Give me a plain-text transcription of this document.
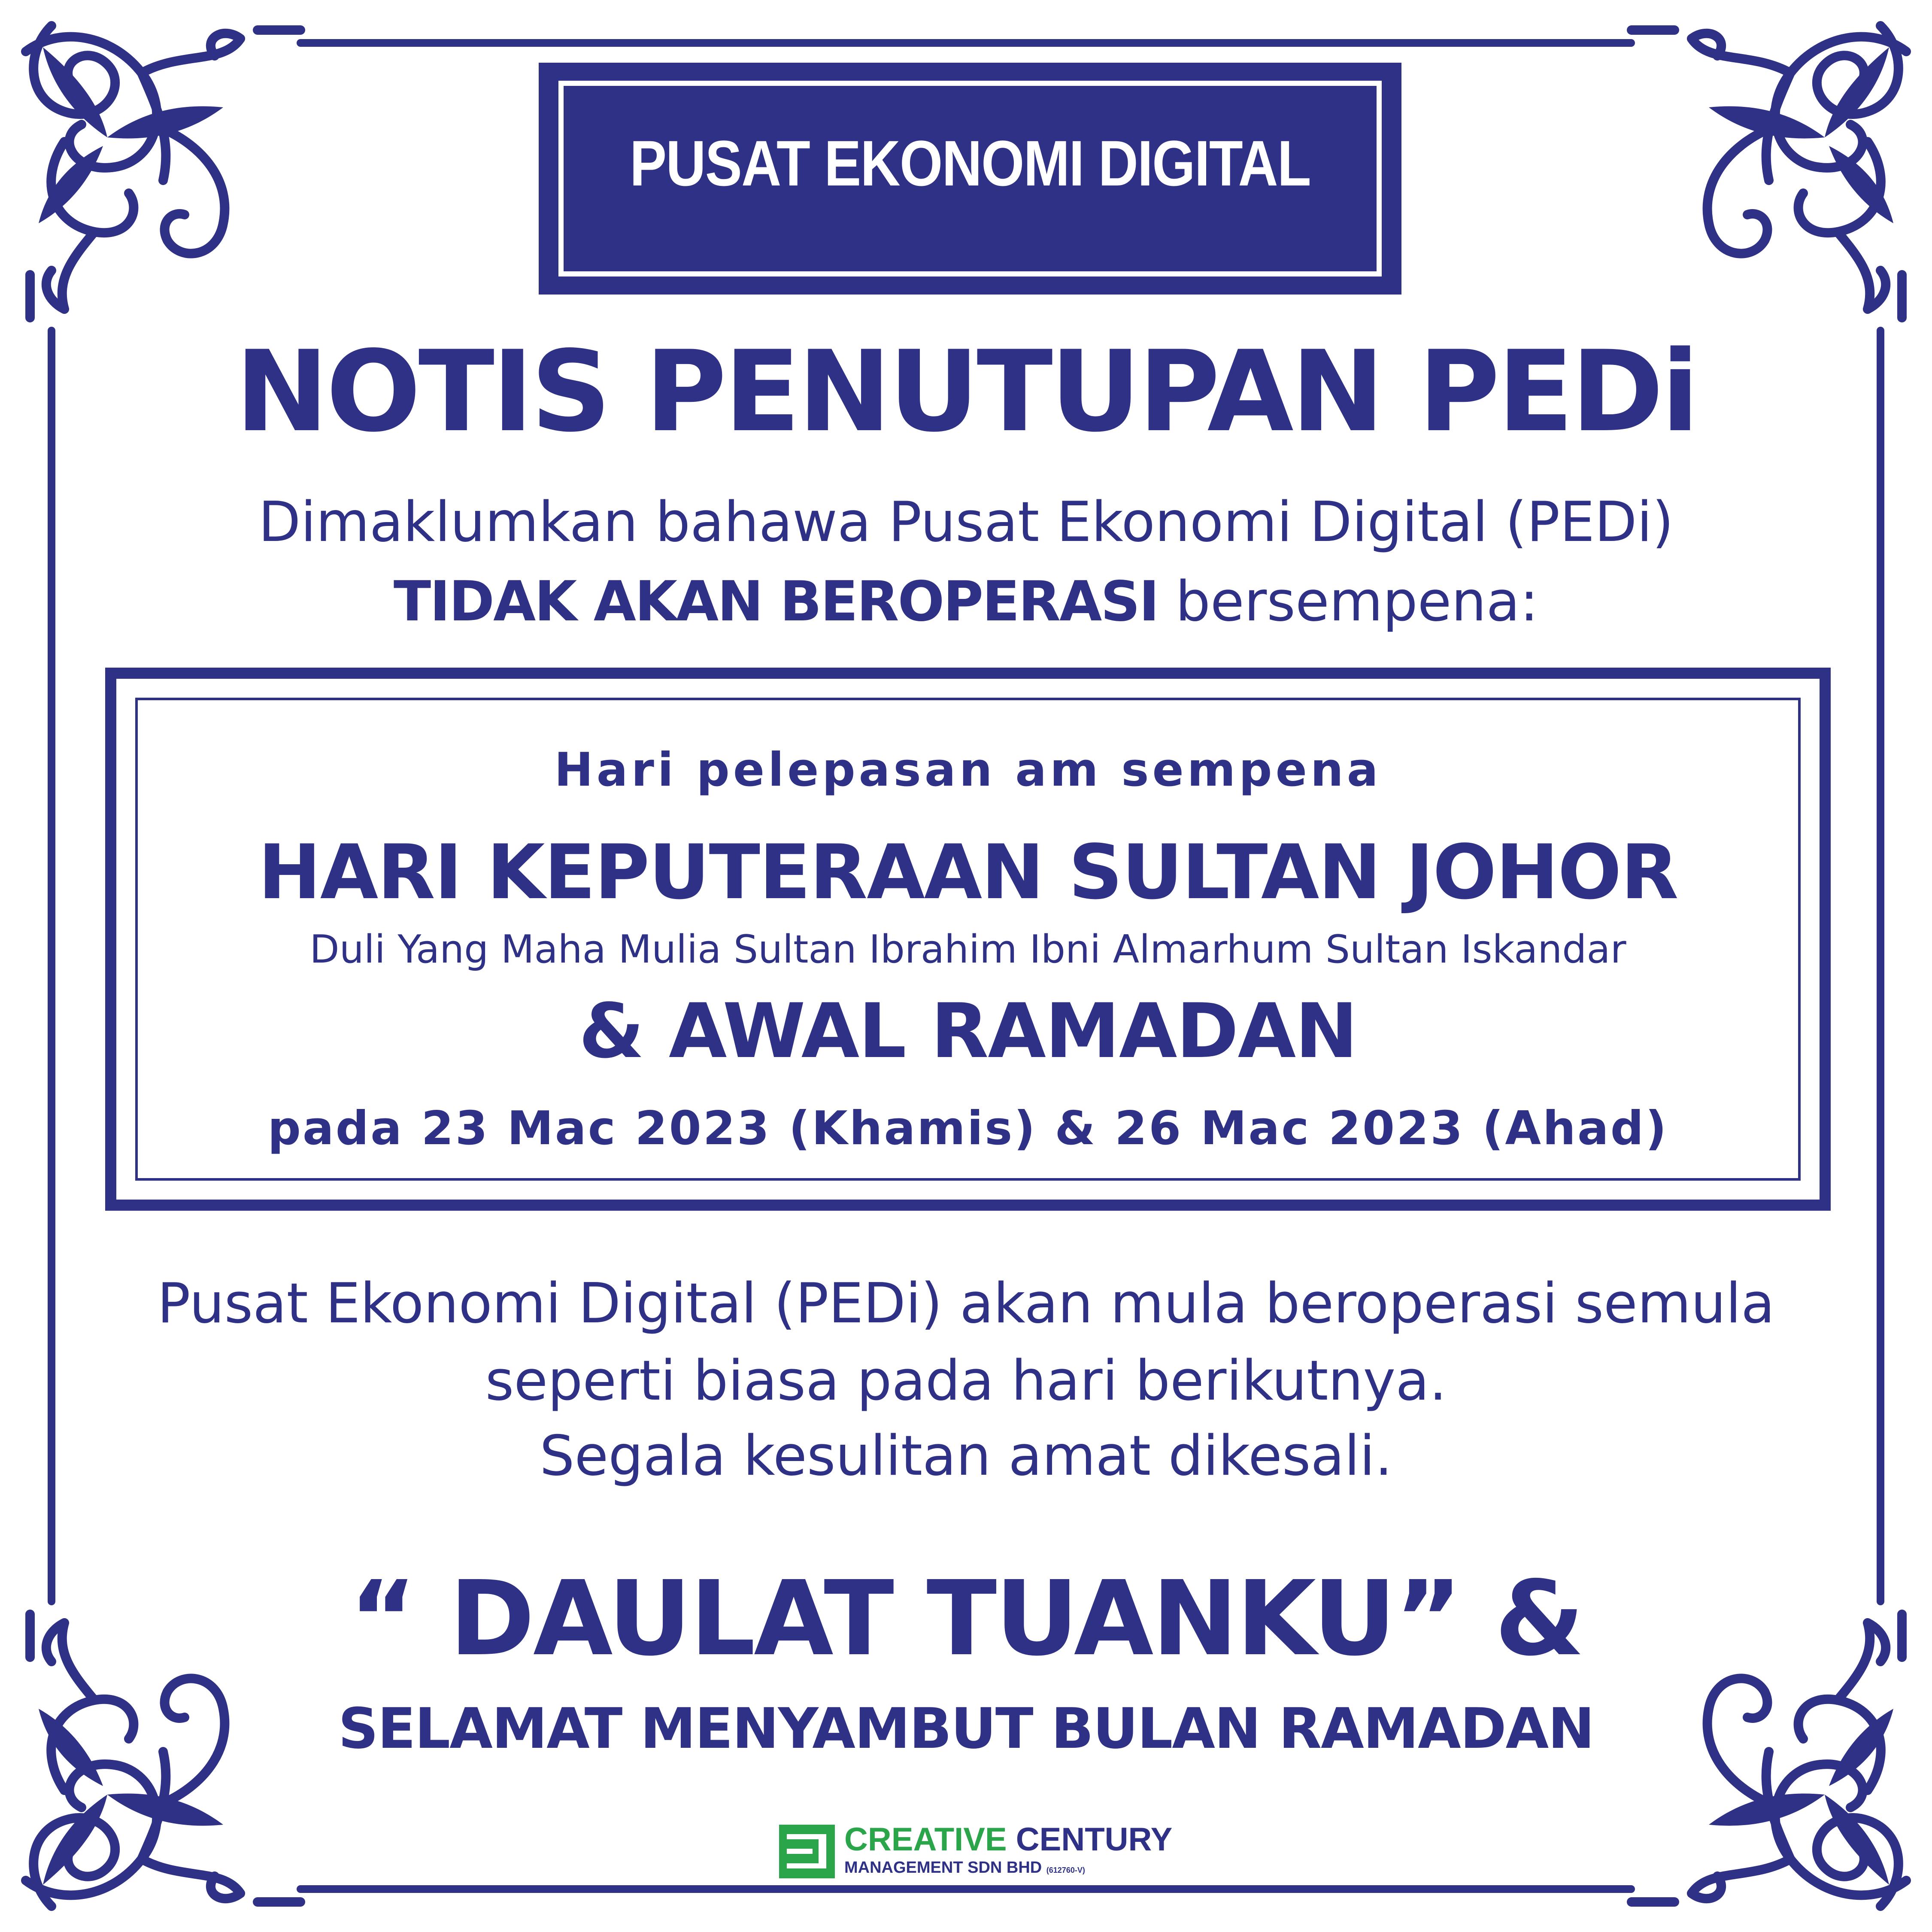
PUSAT EKONOMI DIGITAL
NOTIS PENUTUPAN PEDi
Dimaklumkan bahawa Pusat Ekonomi Digital (PEDi)
TIDAK AKAN BEROPERASI bersempena:
Hari pelepasan am sempena
HARI KEPUTERAAN SULTAN JOHOR
Duli Yang Maha Mulia Sultan Ibrahim Ibni Almarhum Sultan Iskandar
& AWAL RAMADAN
pada 23 Mac 2023 (Khamis) & 26 Mac 2023 (Ahad)
Pusat Ekonomi Digital (PEDi) akan mula beroperasi semula
seperti biasa pada hari berikutnya.
Segala kesulitan amat dikesali.
“ DAULAT TUANKU” &
SELAMAT MENYAMBUT BULAN RAMADAN
CREATIVE CENTURY
MANAGEMENT SDN BHD (612760-V)
